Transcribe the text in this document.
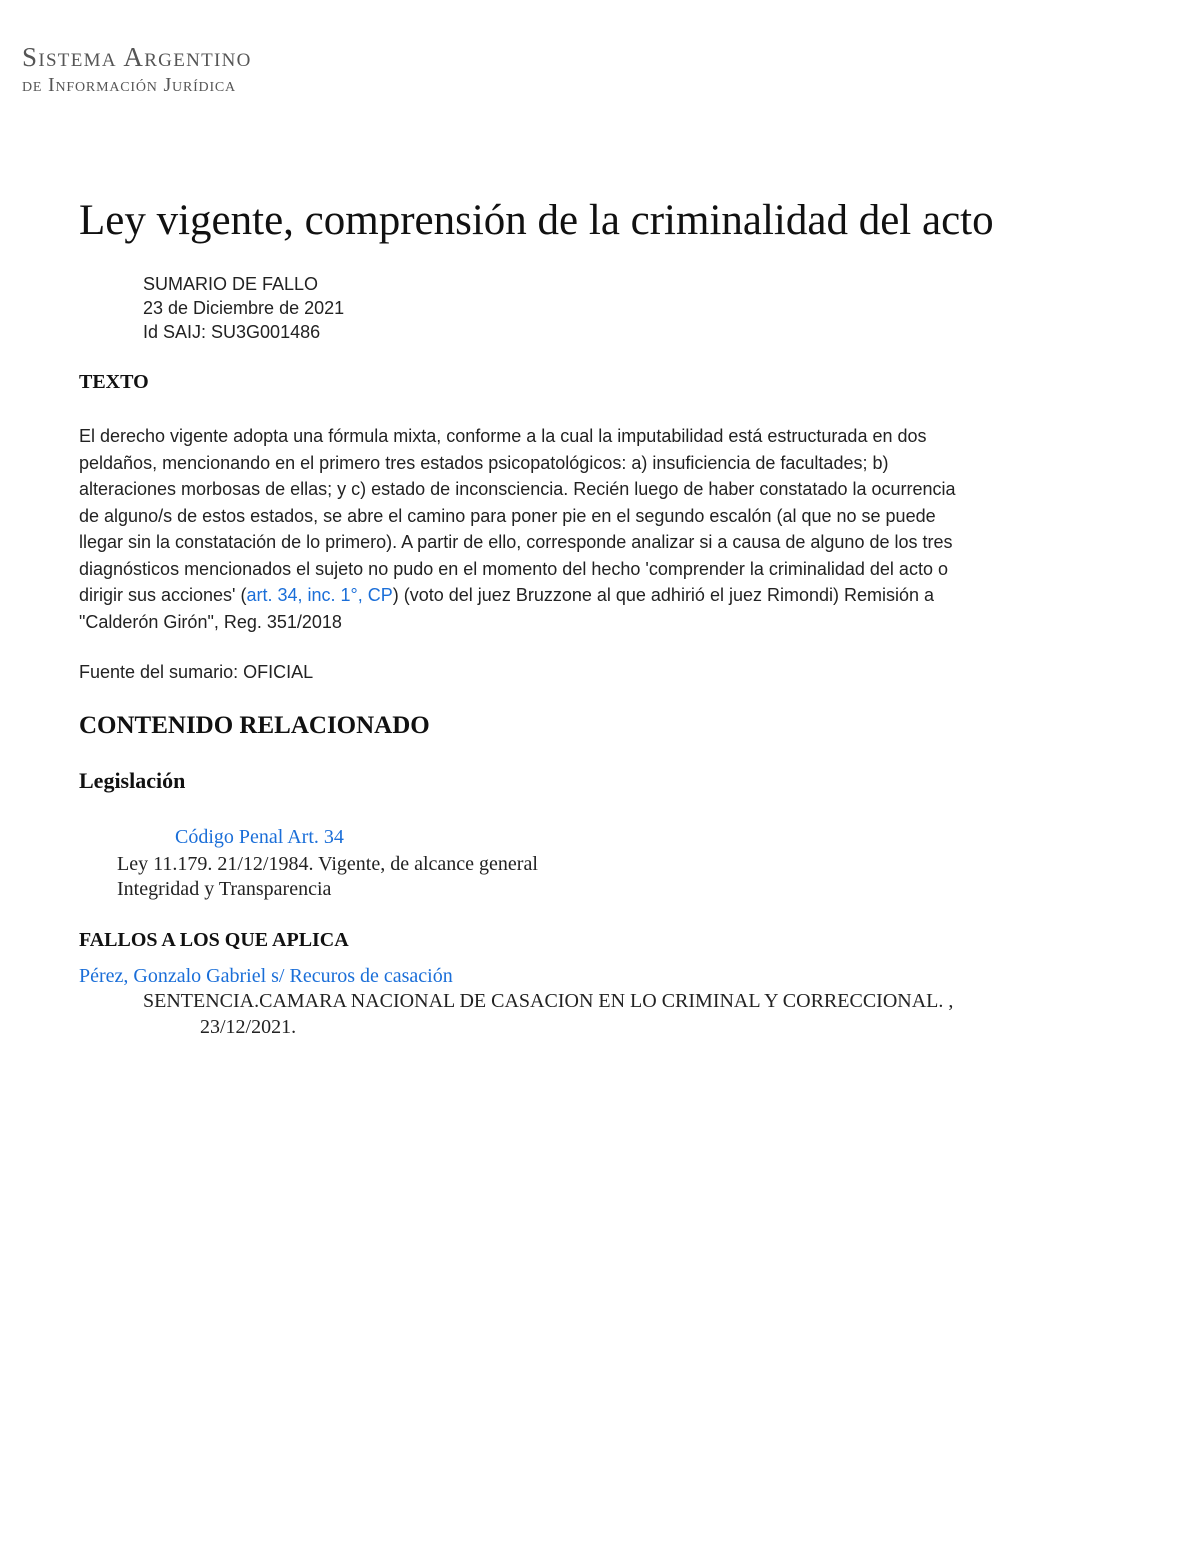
Sistema Argentino
de Información Jurídica
Ley vigente, comprensión de la criminalidad del acto
SUMARIO DE FALLO
23 de Diciembre de 2021
Id SAIJ: SU3G001486
TEXTO
El derecho vigente adopta una fórmula mixta, conforme a la cual la imputabilidad está estructurada en dos
peldaños, mencionando en el primero tres estados psicopatológicos: a) insuficiencia de facultades; b)
alteraciones morbosas de ellas; y c) estado de inconsciencia. Recién luego de haber constatado la ocurrencia
de alguno/s de estos estados, se abre el camino para poner pie en el segundo escalón (al que no se puede
llegar sin la constatación de lo primero). A partir de ello, corresponde analizar si a causa de alguno de los tres
diagnósticos mencionados el sujeto no pudo en el momento del hecho 'comprender la criminalidad del acto o
dirigir sus acciones' (art. 34, inc. 1°, CP) (voto del juez Bruzzone al que adhirió el juez Rimondi) Remisión a
"Calderón Girón", Reg. 351/2018
Fuente del sumario: OFICIAL
CONTENIDO RELACIONADO
Legislación
Código Penal Art. 34
Ley 11.179. 21/12/1984. Vigente, de alcance general
Integridad y Transparencia
FALLOS A LOS QUE APLICA
Pérez, Gonzalo Gabriel s/ Recuros de casación
SENTENCIA.CAMARA NACIONAL DE CASACION EN LO CRIMINAL Y CORRECCIONAL. ,
23/12/2021.
